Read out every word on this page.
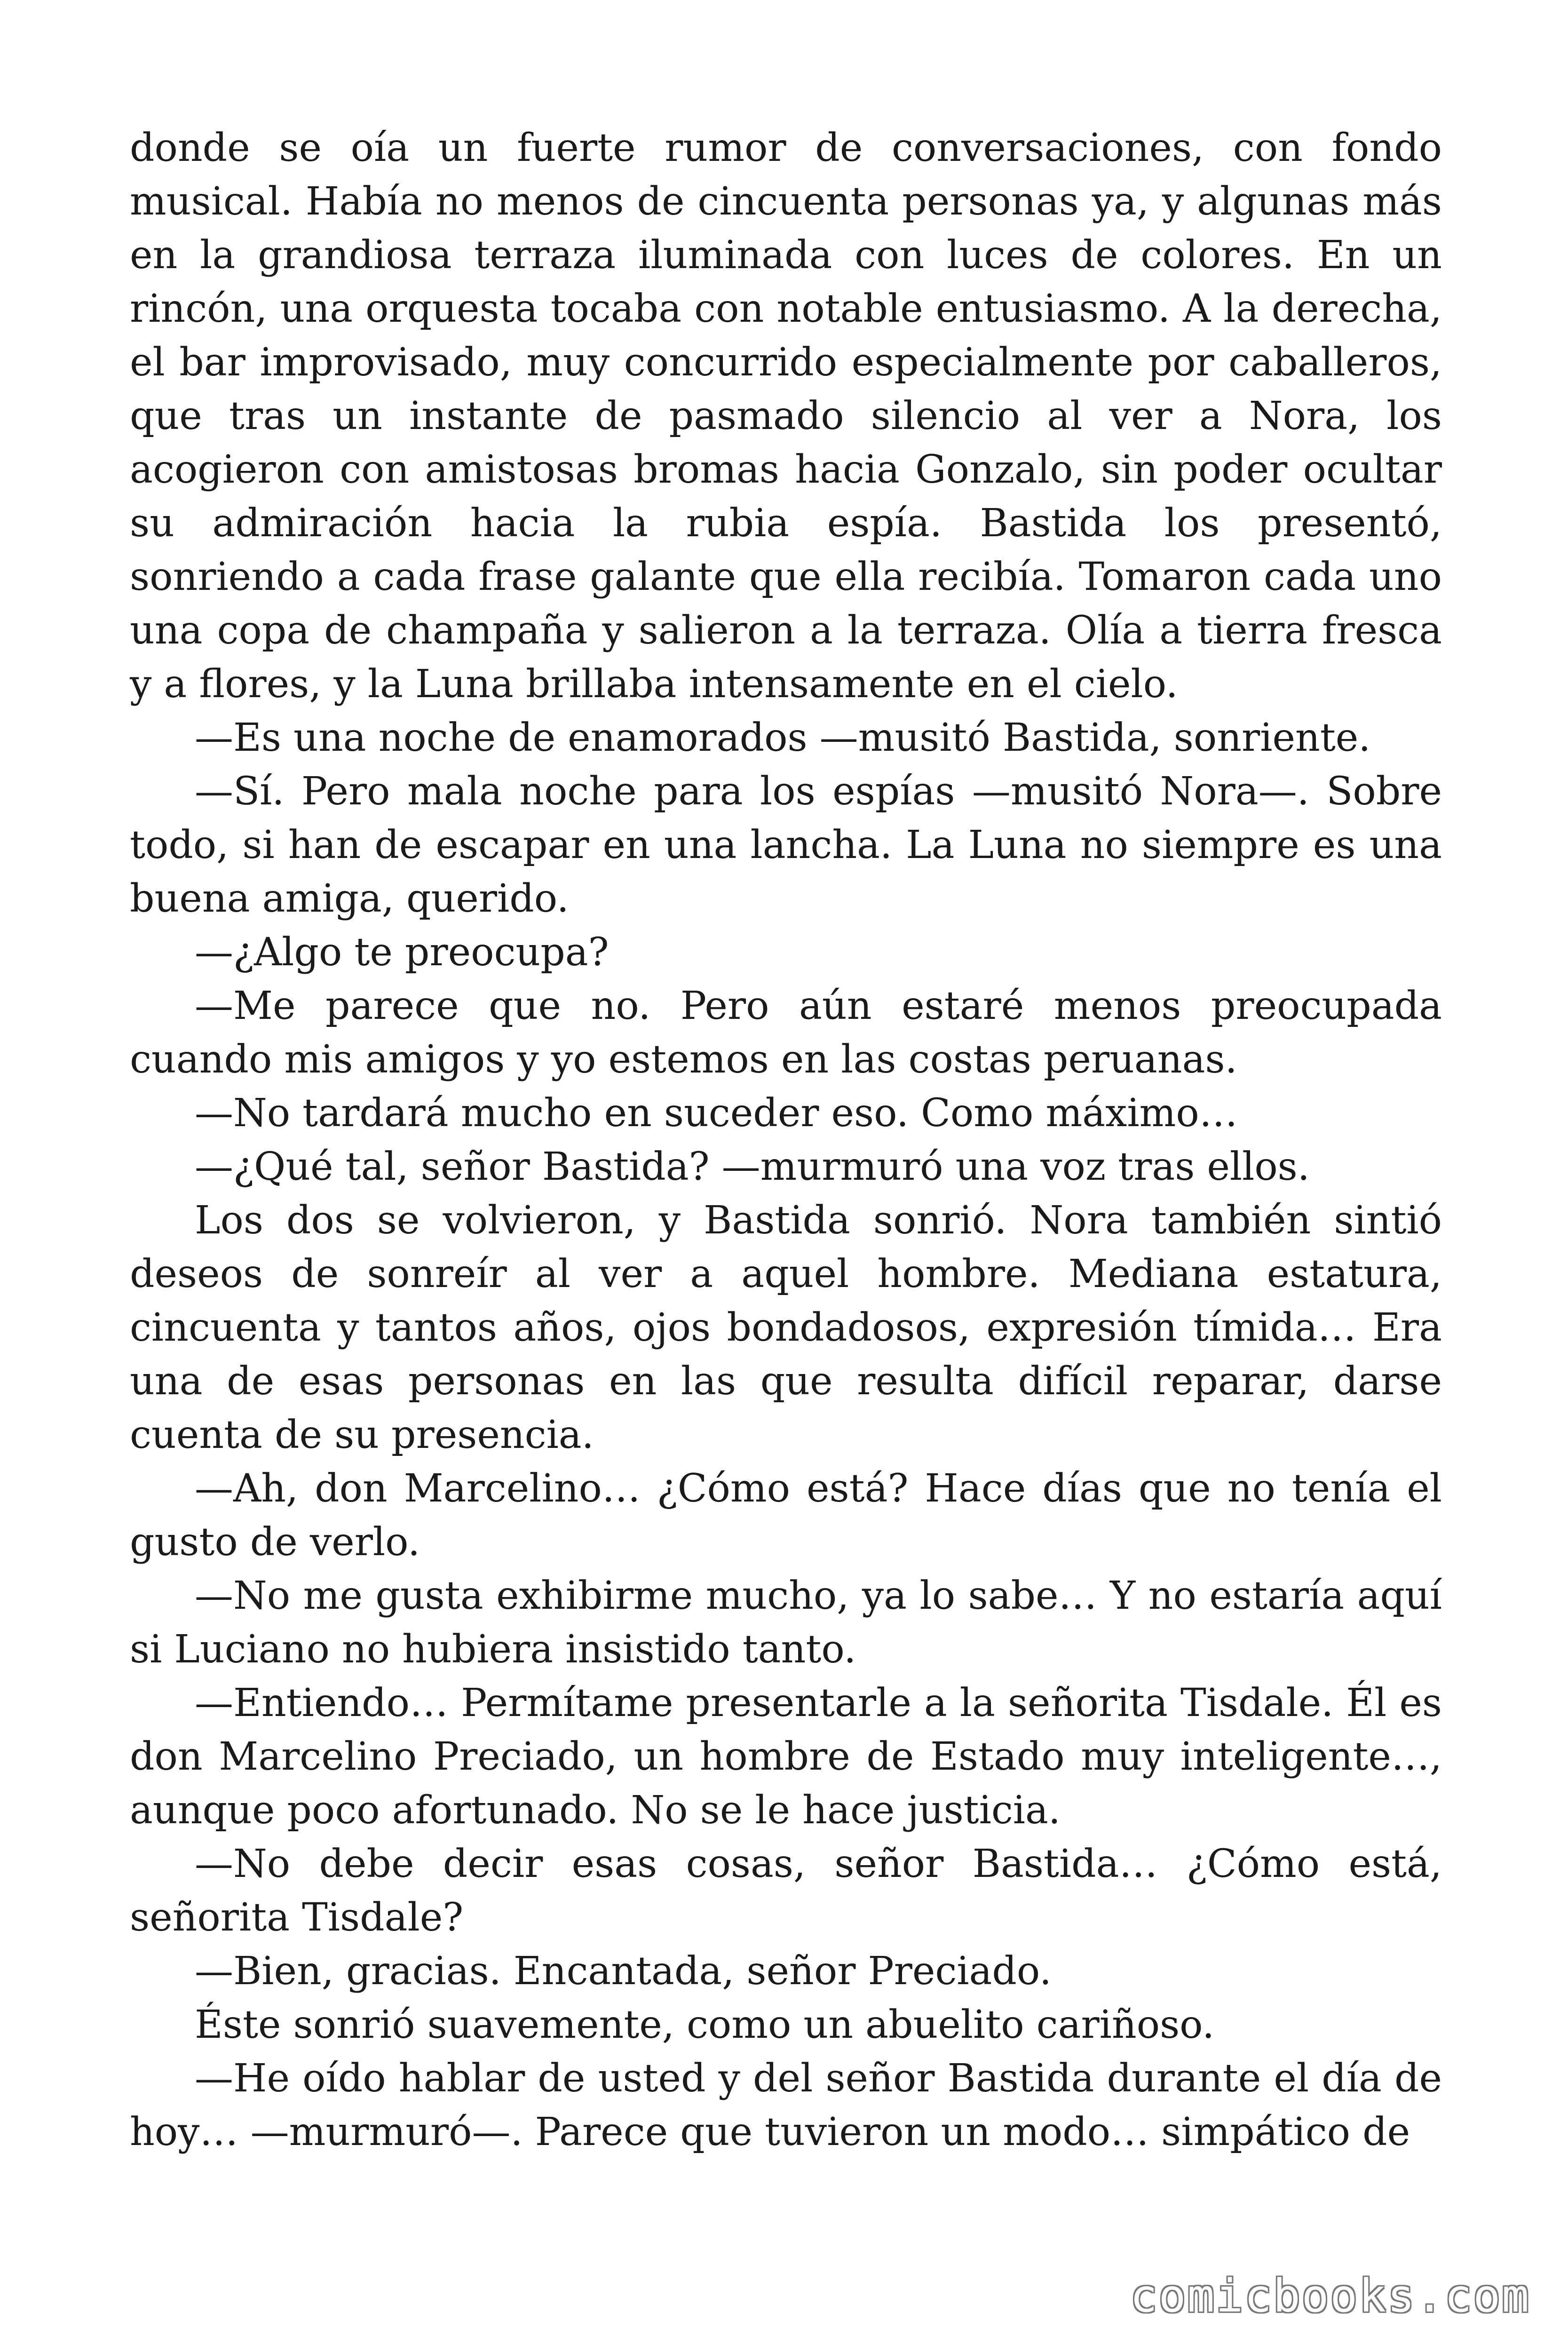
donde se oía un fuerte rumor de conversaciones, con fondo musical. Había no menos de cincuenta personas ya, y algunas más en la grandiosa terraza iluminada con luces de colores. En un rincón, una orquesta tocaba con notable entusiasmo. A la derecha, el bar improvisado, muy concurrido especialmente por caballeros, que tras un instante de pasmado silencio al ver a Nora, los acogieron con amistosas bromas hacia Gonzalo, sin poder ocultar su admiración hacia la rubia espía. Bastida los presentó, sonriendo a cada frase galante que ella recibía. Tomaron cada uno una copa de champaña y salieron a la terraza. Olía a tierra fresca y a flores, y la Luna brillaba intensamente en el cielo.

—Es una noche de enamorados —musitó Bastida, sonriente.

—Sí. Pero mala noche para los espías —musitó Nora—. Sobre todo, si han de escapar en una lancha. La Luna no siempre es una buena amiga, querido.

—¿Algo te preocupa?

—Me parece que no. Pero aún estaré menos preocupada cuando mis amigos y yo estemos en las costas peruanas.

—No tardará mucho en suceder eso. Como máximo…

—¿Qué tal, señor Bastida? —murmuró una voz tras ellos.

Los dos se volvieron, y Bastida sonrió. Nora también sintió deseos de sonreír al ver a aquel hombre. Mediana estatura, cincuenta y tantos años, ojos bondadosos, expresión tímida… Era una de esas personas en las que resulta difícil reparar, darse cuenta de su presencia.

—Ah, don Marcelino… ¿Cómo está? Hace días que no tenía el gusto de verlo.

—No me gusta exhibirme mucho, ya lo sabe… Y no estaría aquí si Luciano no hubiera insistido tanto.

—Entiendo… Permítame presentarle a la señorita Tisdale. Él es don Marcelino Preciado, un hombre de Estado muy inteligente…, aunque poco afortunado. No se le hace justicia.

—No debe decir esas cosas, señor Bastida… ¿Cómo está, señorita Tisdale?

—Bien, gracias. Encantada, señor Preciado.

Éste sonrió suavemente, como un abuelito cariñoso.

—He oído hablar de usted y del señor Bastida durante el día de hoy… —murmuró—. Parece que tuvieron un modo… simpático de

comicbooks.com
